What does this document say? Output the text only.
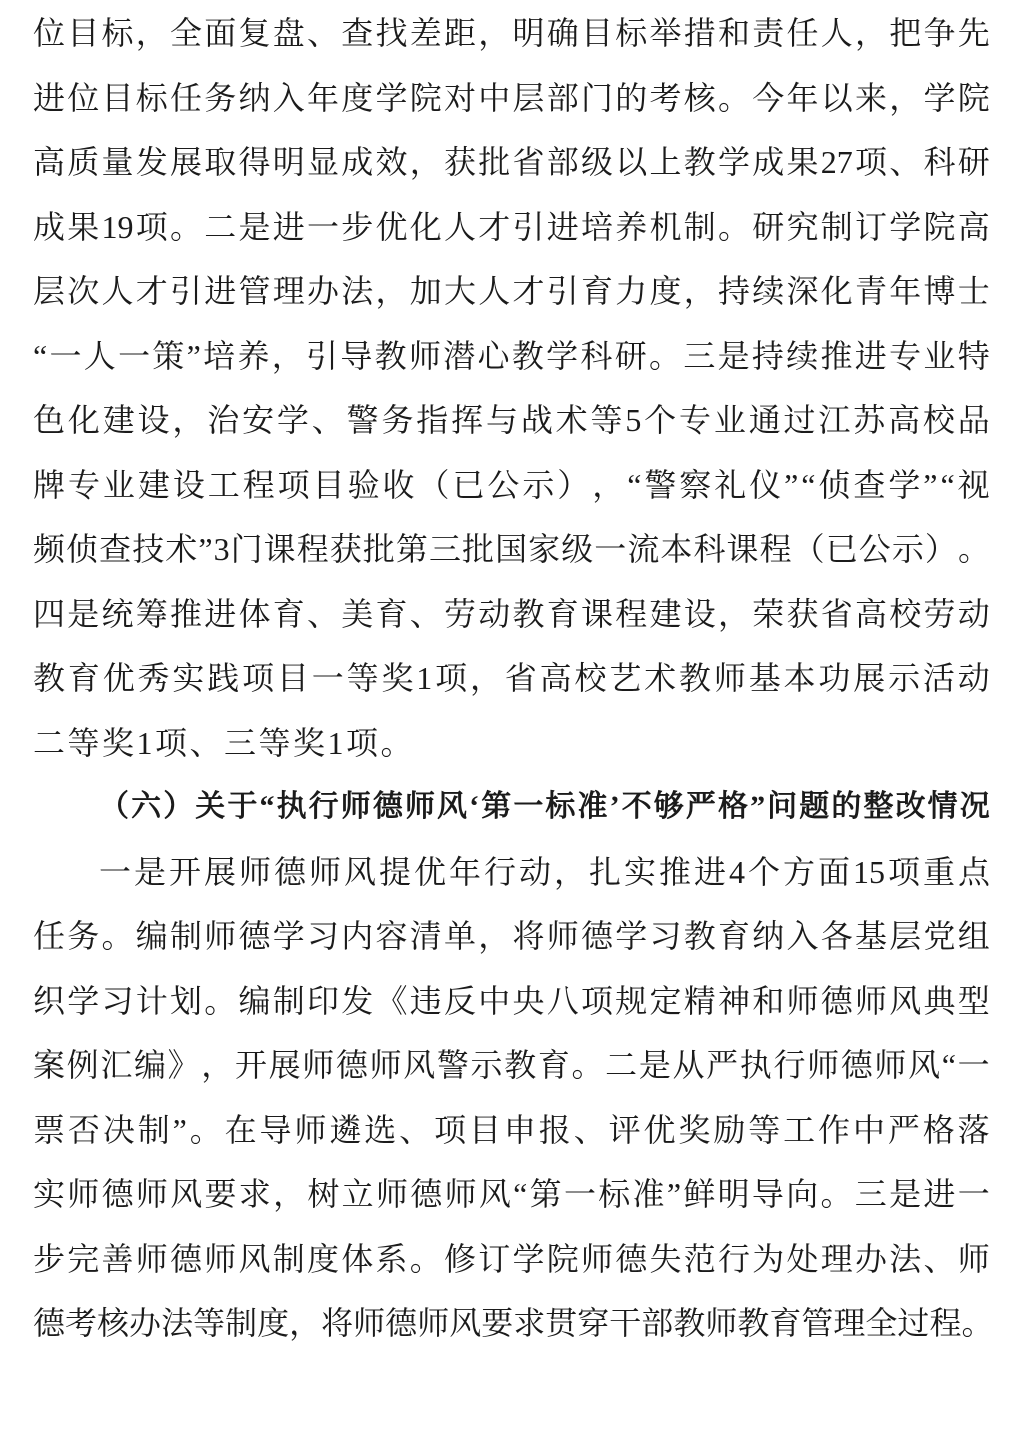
位 目 标 ， 全 面 复 盘 、 查 找 差 距 ， 明 确 目 标 举 措 和 责 任 人 ， 把 争 先
进 位 目 标 任 务 纳 入 年 度 学 院 对 中 层 部 门 的 考 核 。 今 年 以 来 ， 学 院
高 质 量 发 展 取 得 明 显 成 效 ， 获 批 省 部 级 以 上 教 学 成 果 27 项 、 科 研
成 果 19 项 。 二 是 进 一 步 优 化 人 才 引 进 培 养 机 制 。 研 究 制 订 学 院 高
层 次 人 才 引 进 管 理 办 法 ， 加 大 人 才 引 育 力 度 ， 持 续 深 化 青 年 博 士
“ 一 人 一 策 ” 培 养 ， 引 导 教 师 潜 心 教 学 科 研 。 三 是 持 续 推 进 专 业 特
色 化 建 设 ， 治 安 学 、 警 务 指 挥 与 战 术 等 5 个 专 业 通 过 江 苏 高 校 品
牌 专 业 建 设 工 程 项 目 验 收 （ 已 公 示 ） ， “ 警 察 礼 仪 ” “ 侦 查 学 ” “ 视
频 侦 查 技 术 ” 3 门 课 程 获 批 第 三 批 国 家 级 一 流 本 科 课 程 （ 已 公 示 ） 。
四 是 统 筹 推 进 体 育 、 美 育 、 劳 动 教 育 课 程 建 设 ， 荣 获 省 高 校 劳 动
教 育 优 秀 实 践 项 目 一 等 奖 1 项 ， 省 高 校 艺 术 教 师 基 本 功 展 示 活 动
二等奖1项、三等奖1项。
（ 六 ） 关 于 “ 执 行 师 德 师 风 ‘ 第 一 标 准 ’ 不 够 严 格 ” 问 题 的 整 改 情 况
一 是 开 展 师 德 师 风 提 优 年 行 动 ， 扎 实 推 进 4 个 方 面 15 项 重 点
任 务 。 编 制 师 德 学 习 内 容 清 单 ， 将 师 德 学 习 教 育 纳 入 各 基 层 党 组
织 学 习 计 划 。 编 制 印 发 《 违 反 中 央 八 项 规 定 精 神 和 师 德 师 风 典 型
案 例 汇 编 》 ， 开 展 师 德 师 风 警 示 教 育 。 二 是 从 严 执 行 师 德 师 风 “ 一
票 否 决 制 ” 。 在 导 师 遴 选 、 项 目 申 报 、 评 优 奖 励 等 工 作 中 严 格 落
实 师 德 师 风 要 求 ， 树 立 师 德 师 风 “ 第 一 标 准 ” 鲜 明 导 向 。 三 是 进 一
步 完 善 师 德 师 风 制 度 体 系 。 修 订 学 院 师 德 失 范 行 为 处 理 办 法 、 师
德 考 核 办 法 等 制 度 ， 将 师 德 师 风 要 求 贯 穿 干 部 教 师 教 育 管 理 全 过 程 。
